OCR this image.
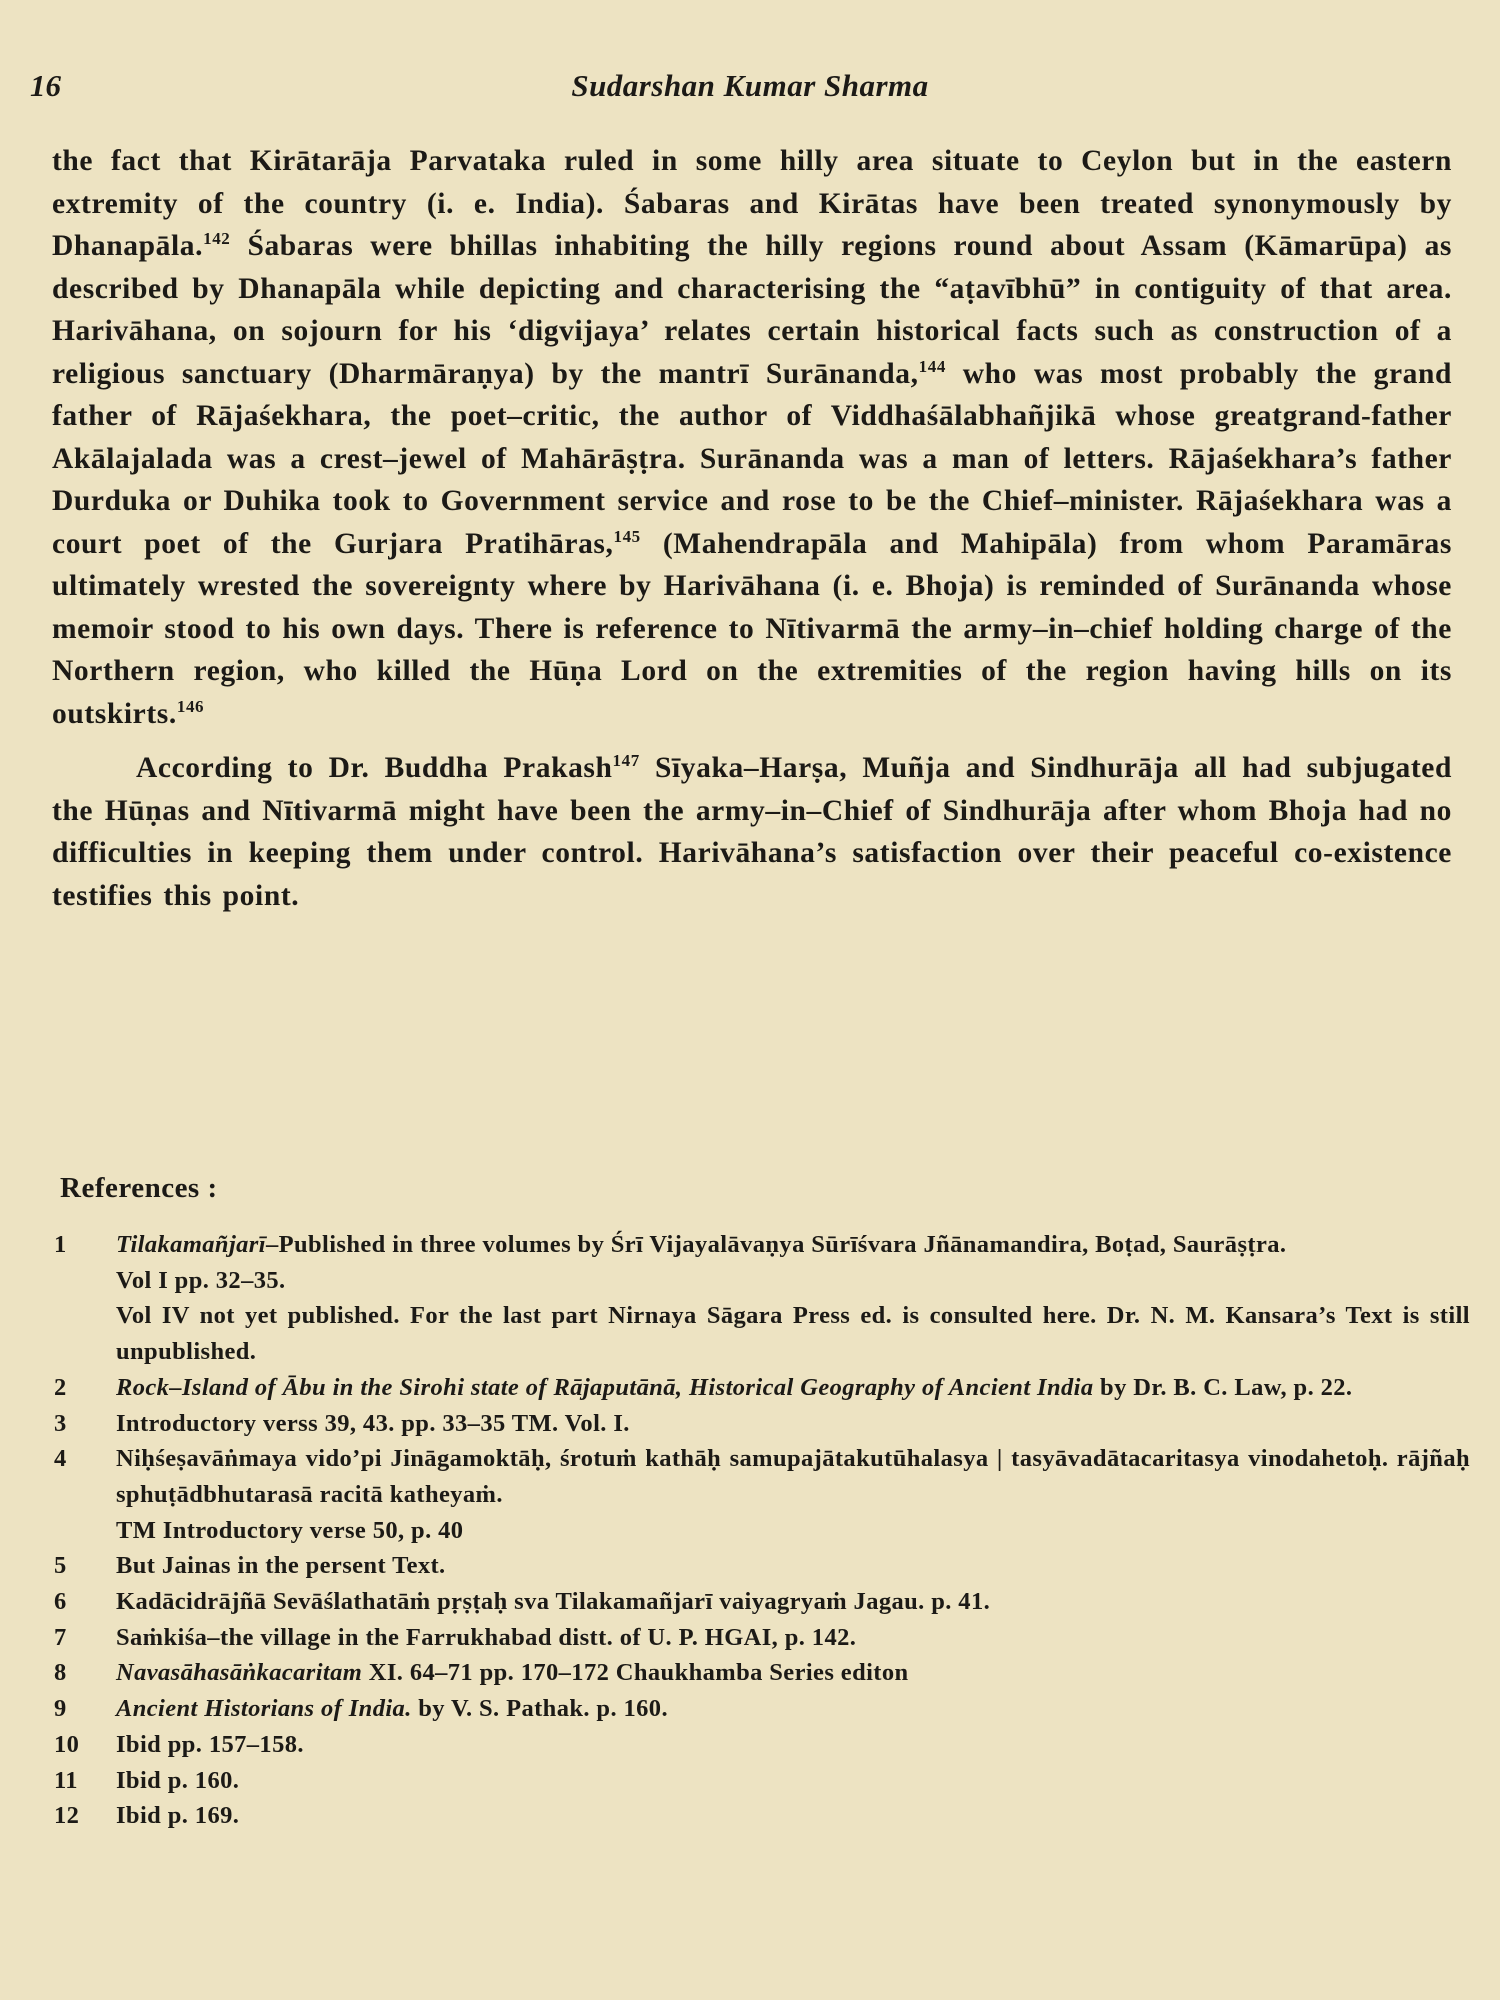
16	Sudarshan Kumar Sharma

the fact that Kirātarāja Parvataka ruled in some hilly area situate to Ceylon but in the eastern extremity of the country (i. e. India). Śabaras and Kirātas have been treated synonymously by Dhanapāla.$^{142}$ Śabaras were bhillas inhabiting the hilly regions round about Assam (Kāmarūpa) as described by Dhanapāla while depicting and characterising the “aṭavībhū” in contiguity of that area. Harivāhana, on sojourn for his ‘digvijaya’ relates certain historical facts such as construction of a religious sanctuary (Dharmāraṇya) by the mantrī Surānanda,$^{144}$ who was most probably the grand father of Rājaśekhara, the poet–critic, the author of Viddhaśālabhañjikā whose greatgrand-father Akālajalada was a crest–jewel of Mahārāṣṭra. Surānanda was a man of letters. Rājaśekhara’s father Durduka or Duhika took to Government service and rose to be the Chief–minister. Rājaśekhara was a court poet of the Gurjara Pratihāras,$^{145}$ (Mahendrapāla and Mahipāla) from whom Paramāras ultimately wrested the sovereignty where by Harivāhana (i. e. Bhoja) is reminded of Surānanda whose memoir stood to his own days. There is reference to Nītivarmā the army–in–chief holding charge of the Northern region, who killed the Hūṇa Lord on the extremities of the region having hills on its outskirts.$^{146}$

According to Dr. Buddha Prakash$^{147}$ Sīyaka–Harṣa, Muñja and Sindhurāja all had subjugated the Hūṇas and Nītivarmā might have been the army–in–Chief of Sindhurāja after whom Bhoja had no difficulties in keeping them under control. Harivāhana’s satisfaction over their peaceful co-existence testifies this point.

References :
1	Tilakamañjarī–Published in three volumes by Śrī Vijayalāvaṇya Sūrīśvara Jñānamandira, Boṭad, Saurāṣṭra.
Vol I pp. 32–35.
Vol IV not yet published. For the last part Nirnaya Sāgara Press ed. is consulted here. Dr. N. M. Kansara’s Text is still unpublished.
2	Rock–Island of Ābu in the Sirohi state of Rājaputānā, Historical Geography of Ancient India by Dr. B. C. Law, p. 22.
3	Introductory verss 39, 43. pp. 33–35 TM. Vol. I.
4	Niḥśeṣavāṅmaya vido’pi Jināgamoktāḥ, śrotuṁ kathāḥ samupajātakutūhalasya | tasyāvadātacaritasya vinodahetoḥ. rājñaḥ sphuṭādbhutarasā racitā katheyaṁ.
TM Introductory verse 50, p. 40
5	But Jainas in the persent Text.
6	Kadācidrājñā Sevāślathatāṁ pṛṣṭaḥ sva Tilakamañjarī vaiyagryaṁ Jagau. p. 41.
7	Saṁkiśa–the village in the Farrukhabad distt. of U. P. HGAI, p. 142.
8	Navasāhasāṅkacaritam XI. 64–71 pp. 170–172 Chaukhamba Series editon
9	Ancient Historians of India. by V. S. Pathak. p. 160.
10	Ibid pp. 157–158.
11	Ibid p. 160.
12	Ibid p. 169.
